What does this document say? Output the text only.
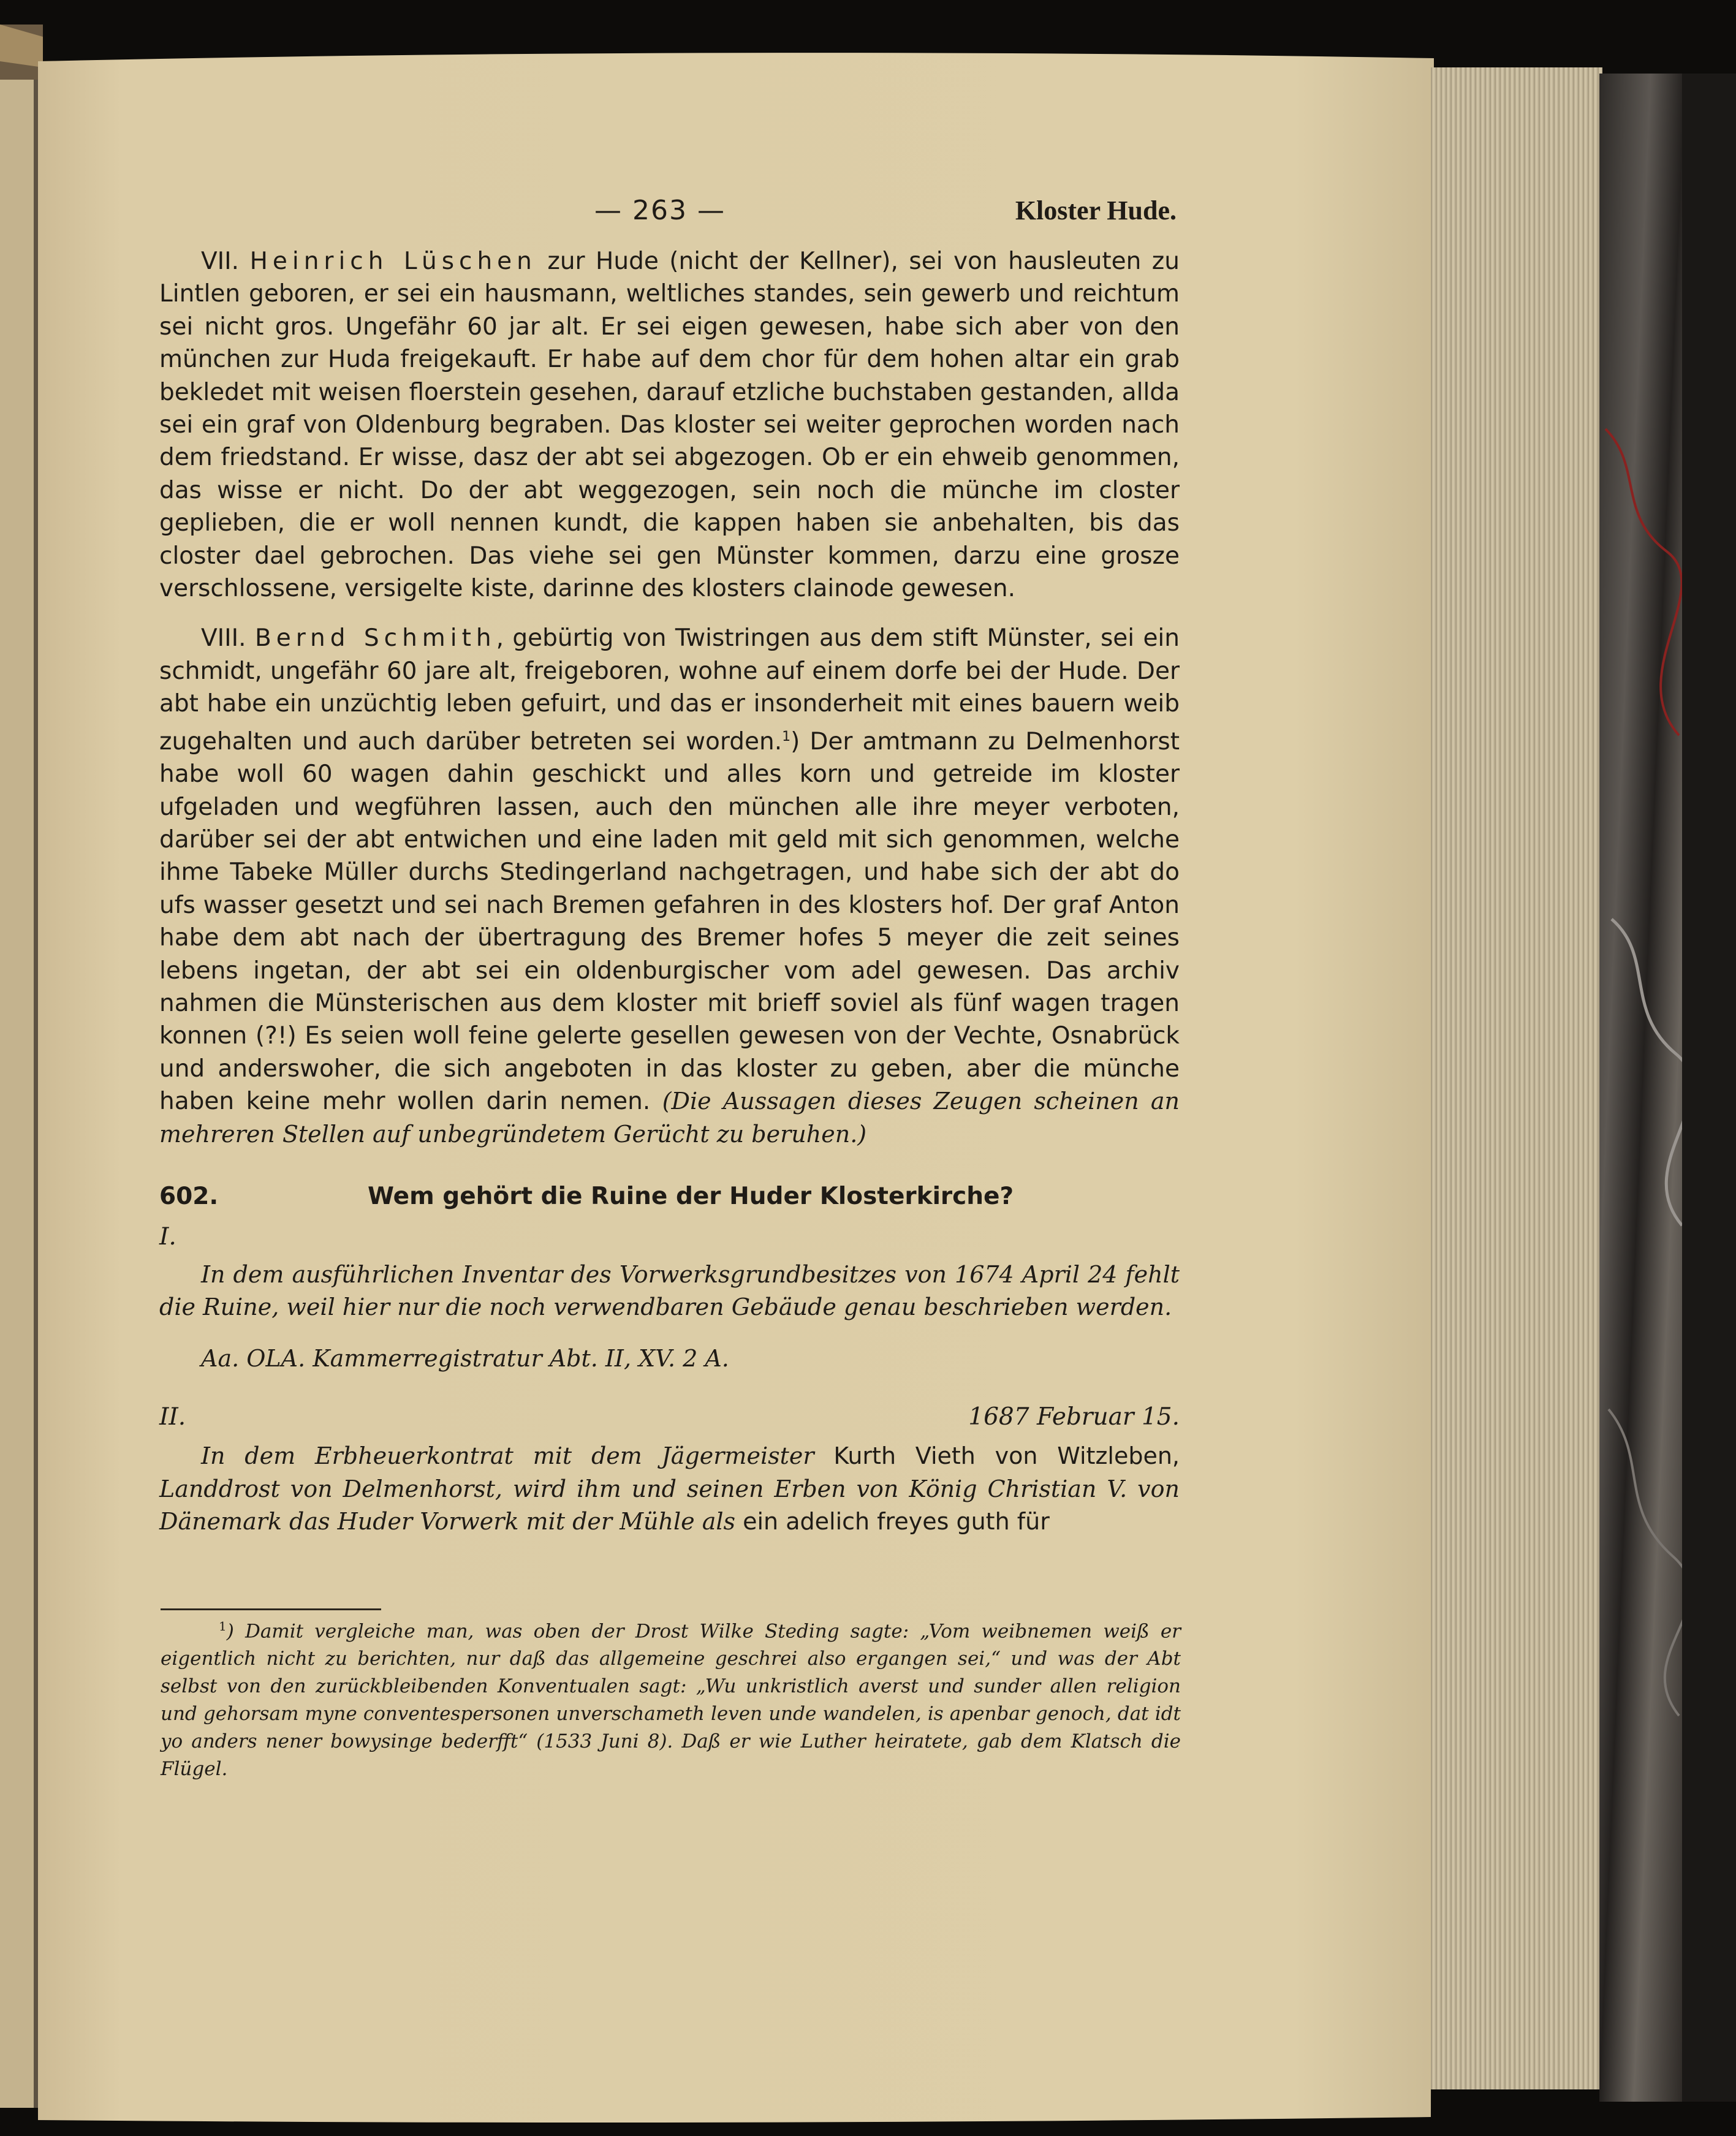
— 263 —	Kloster Hude.

VII. Heinrich Lüschen zur Hude (nicht der Kellner), sei von hausleuten zu Lintlen geboren, er sei ein hausmann, weltliches standes, sein gewerb und reichtum sei nicht gros. Ungefähr 60 jar alt. Er sei eigen gewesen, habe sich aber von den münchen zur Huda freigekauft. Er habe auf dem chor für dem hohen altar ein grab bekledet mit weisen floerstein gesehen, darauf etzliche buchstaben gestanden, allda sei ein graf von Oldenburg begraben. Das kloster sei weiter geprochen worden nach dem friedstand. Er wisse, dasz der abt sei abgezogen. Ob er ein ehweib genommen, das wisse er nicht. Do der abt weggezogen, sein noch die münche im closter geplieben, die er woll nennen kundt, die kappen haben sie anbehalten, bis das closter dael gebrochen. Das viehe sei gen Münster kommen, darzu eine grosze verschlossene, versigelte kiste, darinne des klosters clainode gewesen.

VIII. Bernd Schmith, gebürtig von Twistringen aus dem stift Münster, sei ein schmidt, ungefähr 60 jare alt, freigeboren, wohne auf einem dorfe bei der Hude. Der abt habe ein unzüchtig leben gefuirt, und das er insonderheit mit eines bauern weib zugehalten und auch darüber betreten sei worden.$^1$) Der amtmann zu Delmenhorst habe woll 60 wagen dahin geschickt und alles korn und getreide im kloster ufgeladen und wegführen lassen, auch den münchen alle ihre meyer verboten, darüber sei der abt entwichen und eine laden mit geld mit sich genommen, welche ihme Tabeke Müller durchs Stedingerland nachgetragen, und habe sich der abt do ufs wasser gesetzt und sei nach Bremen gefahren in des klosters hof. Der graf Anton habe dem abt nach der übertragung des Bremer hofes 5 meyer die zeit seines lebens ingetan, der abt sei ein oldenburgischer vom adel gewesen. Das archiv nahmen die Münsterischen aus dem kloster mit brieff soviel als fünf wagen tragen konnen (?!) Es seien woll feine gelerte gesellen gewesen von der Vechte, Osnabrück und anderswoher, die sich angeboten in das kloster zu geben, aber die münche haben keine mehr wollen darin nemen. (Die Aussagen dieses Zeugen scheinen an mehreren Stellen auf unbegründetem Gerücht zu beruhen.)

602.	Wem gehört die Ruine der Huder Klosterkirche?
I.

In dem ausführlichen Inventar des Vorwerksgrundbesitzes von 1674 April 24 fehlt die Ruine, weil hier nur die noch verwendbaren Gebäude genau beschrieben werden.

Aa. OLA. Kammerregistratur Abt. II, XV. 2 A.

II.	1687 Februar 15.

In dem Erbheuerkontrat mit dem Jägermeister Kurth Vieth von Witzleben, Landdrost von Delmenhorst, wird ihm und seinen Erben von König Christian V. von Dänemark das Huder Vorwerk mit der Mühle als ein adelich freyes guth für

$^1$) Damit vergleiche man, was oben der Drost Wilke Steding sagte: „Vom weibnemen weiß er eigentlich nicht zu berichten, nur daß das allgemeine geschrei also ergangen sei,“ und was der Abt selbst von den zurückbleibenden Konventualen sagt: „Wu unkristlich averst und sunder allen religion und gehorsam myne conventespersonen unverschameth leven unde wandelen, is apenbar genoch, dat idt yo anders nener bowysinge bederfft“ (1533 Juni 8). Daß er wie Luther heiratete, gab dem Klatsch die Flügel.
